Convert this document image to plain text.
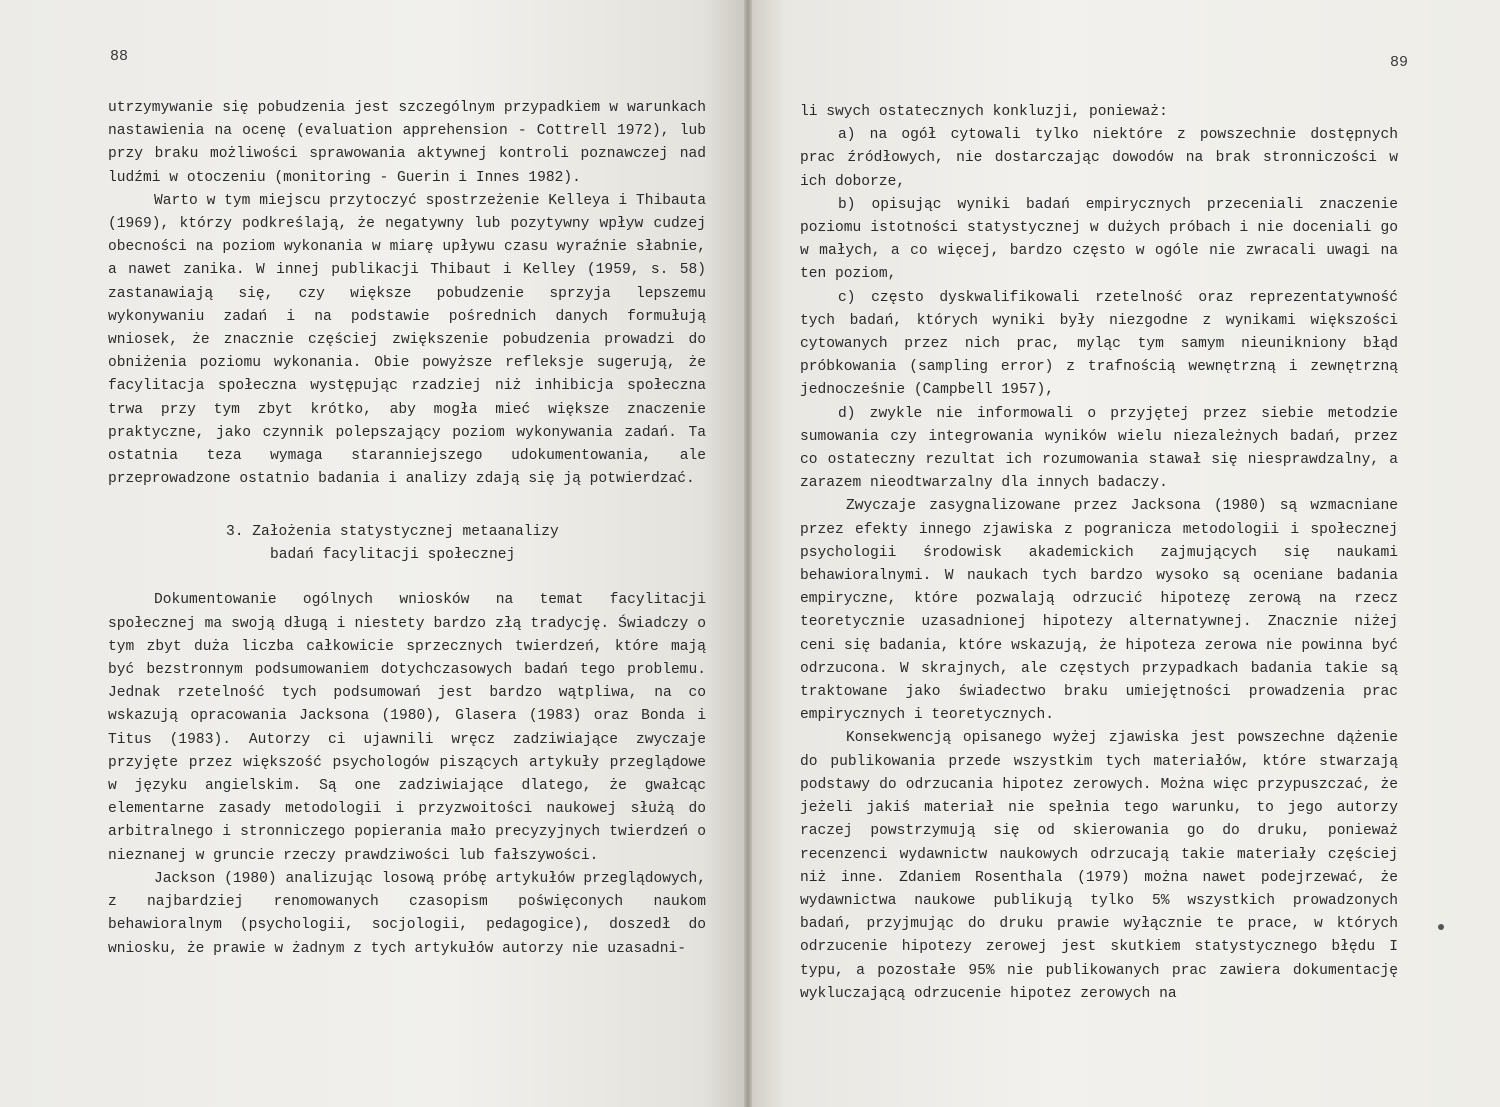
88

utrzymywanie się pobudzenia jest szczególnym przypadkiem w warunkach nastawienia na ocenę (evaluation apprehension - Cottrell 1972), lub przy braku możliwości sprawowania aktywnej kontroli poznawczej nad ludźmi w otoczeniu (monitoring - Guerin i Innes 1982).

Warto w tym miejscu przytoczyć spostrzeżenie Kelleya i Thibauta (1969), którzy podkreślają, że negatywny lub pozytywny wpływ cudzej obecności na poziom wykonania w miarę upływu czasu wyraźnie słabnie, a nawet zanika. W innej publikacji Thibaut i Kelley (1959, s. 58) zastanawiają się, czy większe pobudzenie sprzyja lepszemu wykonywaniu zadań i na podstawie pośrednich danych formułują wniosek, że znacznie częściej zwiększenie pobudzenia prowadzi do obniżenia poziomu wykonania. Obie powyższe refleksje sugerują, że facylitacja społeczna występując rzadziej niż inhibicja społeczna trwa przy tym zbyt krótko, aby mogła mieć większe znaczenie praktyczne, jako czynnik polepszający poziom wykonywania zadań. Ta ostatnia teza wymaga staranniejszego udokumentowania, ale przeprowadzone ostatnio badania i analizy zdają się ją potwierdzać.

3. Założenia statystycznej metaanalizy
badań facylitacji społecznej

Dokumentowanie ogólnych wniosków na temat facylitacji społecznej ma swoją długą i niestety bardzo złą tradycję. Świadczy o tym zbyt duża liczba całkowicie sprzecznych twierdzeń, które mają być bezstronnym podsumowaniem dotychczasowych badań tego problemu. Jednak rzetelność tych podsumowań jest bardzo wątpliwa, na co wskazują opracowania Jacksona (1980), Glasera (1983) oraz Bonda i Titus (1983). Autorzy ci ujawnili wręcz zadziwiające zwyczaje przyjęte przez większość psychologów piszących artykuły przeglądowe w języku angielskim. Są one zadziwiające dlatego, że gwałcąc elementarne zasady metodologii i przyzwoitości naukowej służą do arbitralnego i stronniczego popierania mało precyzyjnych twierdzeń o nieznanej w gruncie rzeczy prawdziwości lub fałszywości.

Jackson (1980) analizując losową próbę artykułów przeglądowych, z najbardziej renomowanych czasopism poświęconych naukom behawioralnym (psychologii, socjologii, pedagogice), doszedł do wniosku, że prawie w żadnym z tych artykułów autorzy nie uzasadni-

89

li swych ostatecznych konkluzji, ponieważ:

a) na ogół cytowali tylko niektóre z powszechnie dostępnych prac źródłowych, nie dostarczając dowodów na brak stronniczości w ich doborze,

b) opisując wyniki badań empirycznych przeceniali znaczenie poziomu istotności statystycznej w dużych próbach i nie doceniali go w małych, a co więcej, bardzo często w ogóle nie zwracali uwagi na ten poziom,

c) często dyskwalifikowali rzetelność oraz reprezentatywność tych badań, których wyniki były niezgodne z wynikami większości cytowanych przez nich prac, myląc tym samym nieunikniony błąd próbkowania (sampling error) z trafnością wewnętrzną i zewnętrzną jednocześnie (Campbell 1957),

d) zwykle nie informowali o przyjętej przez siebie metodzie sumowania czy integrowania wyników wielu niezależnych badań, przez co ostateczny rezultat ich rozumowania stawał się niesprawdzalny, a zarazem nieodtwarzalny dla innych badaczy.

Zwyczaje zasygnalizowane przez Jacksona (1980) są wzmacniane przez efekty innego zjawiska z pogranicza metodologii i społecznej psychologii środowisk akademickich zajmujących się naukami behawioralnymi. W naukach tych bardzo wysoko są oceniane badania empiryczne, które pozwalają odrzucić hipotezę zerową na rzecz teoretycznie uzasadnionej hipotezy alternatywnej. Znacznie niżej ceni się badania, które wskazują, że hipoteza zerowa nie powinna być odrzucona. W skrajnych, ale częstych przypadkach badania takie są traktowane jako świadectwo braku umiejętności prowadzenia prac empirycznych i teoretycznych.

Konsekwencją opisanego wyżej zjawiska jest powszechne dążenie do publikowania przede wszystkim tych materiałów, które stwarzają podstawy do odrzucania hipotez zerowych. Można więc przypuszczać, że jeżeli jakiś materiał nie spełnia tego warunku, to jego autorzy raczej powstrzymują się od skierowania go do druku, ponieważ recenzenci wydawnictw naukowych odrzucają takie materiały częściej niż inne. Zdaniem Rosenthala (1979) można nawet podejrzewać, że wydawnictwa naukowe publikują tylko 5% wszystkich prowadzonych badań, przyjmując do druku prawie wyłącznie te prace, w których odrzucenie hipotezy zerowej jest skutkiem statystycznego błędu I typu, a pozostałe 95% nie publikowanych prac zawiera dokumentację wykluczającą odrzucenie hipotez zerowych na
